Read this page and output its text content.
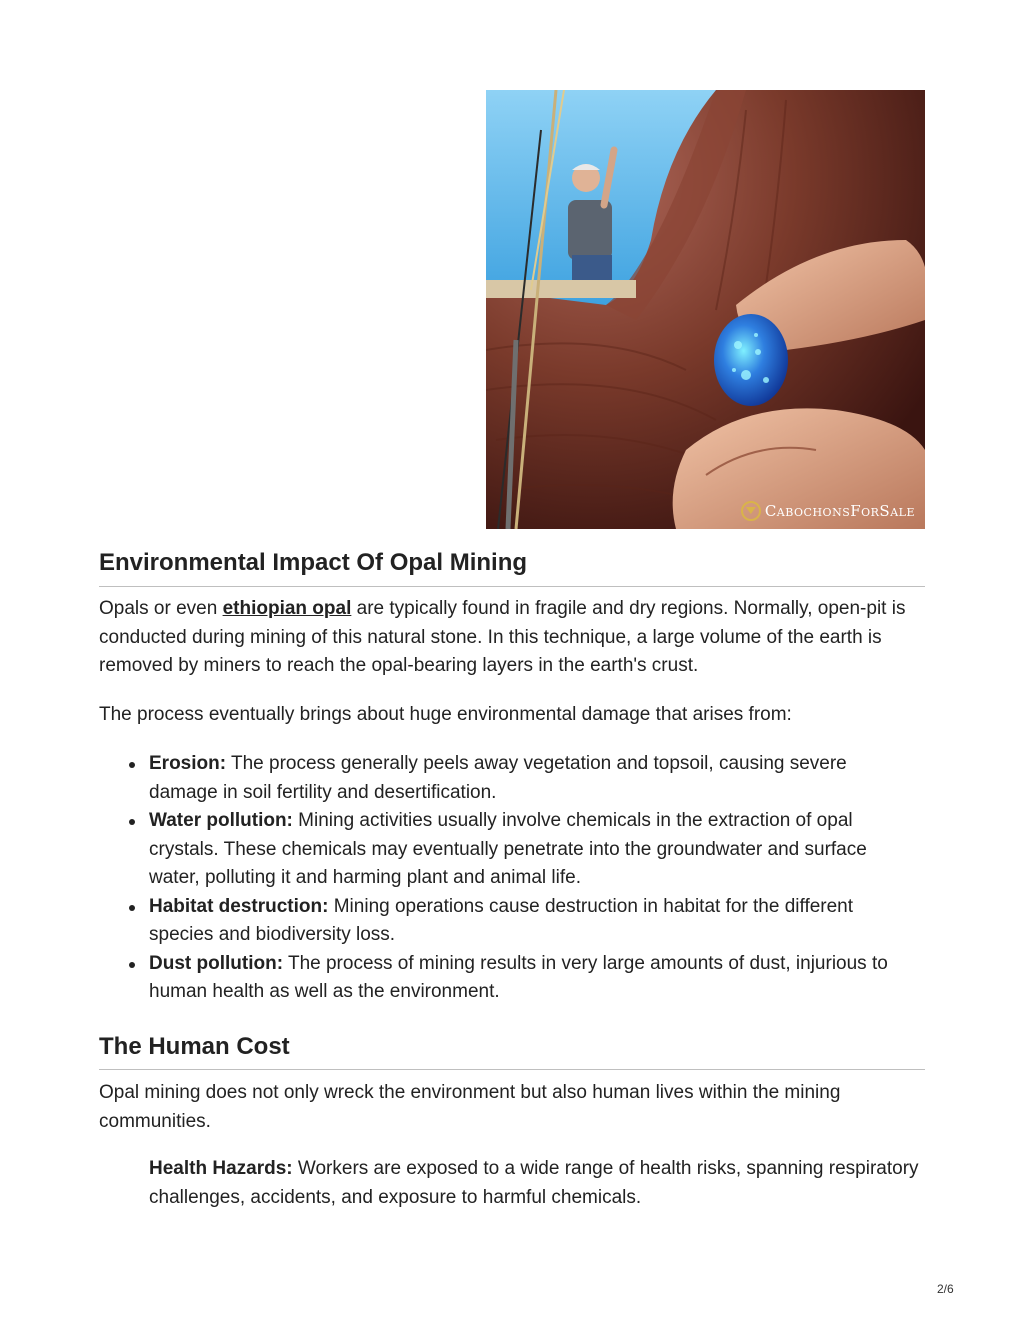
CabochonsForSale
Environmental Impact Of Opal Mining

Opals or even ethiopian opal are typically found in fragile and dry regions. Normally, open-pit is conducted during mining of this natural stone. In this technique, a large volume of the earth is removed by miners to reach the opal-bearing layers in the earth's crust.

The process eventually brings about huge environmental damage that arises from:

Erosion: The process generally peels away vegetation and topsoil, causing severe damage in soil fertility and desertification.
Water pollution: Mining activities usually involve chemicals in the extraction of opal crystals. These chemicals may eventually penetrate into the groundwater and surface water, polluting it and harming plant and animal life.
Habitat destruction: Mining operations cause destruction in habitat for the different species and biodiversity loss.
Dust pollution: The process of mining results in very large amounts of dust, injurious to human health as well as the environment.
The Human Cost

Opal mining does not only wreck the environment but also human lives within the mining communities.

Health Hazards: Workers are exposed to a wide range of health risks, spanning respiratory challenges, accidents, and exposure to harmful chemicals.

2/6
